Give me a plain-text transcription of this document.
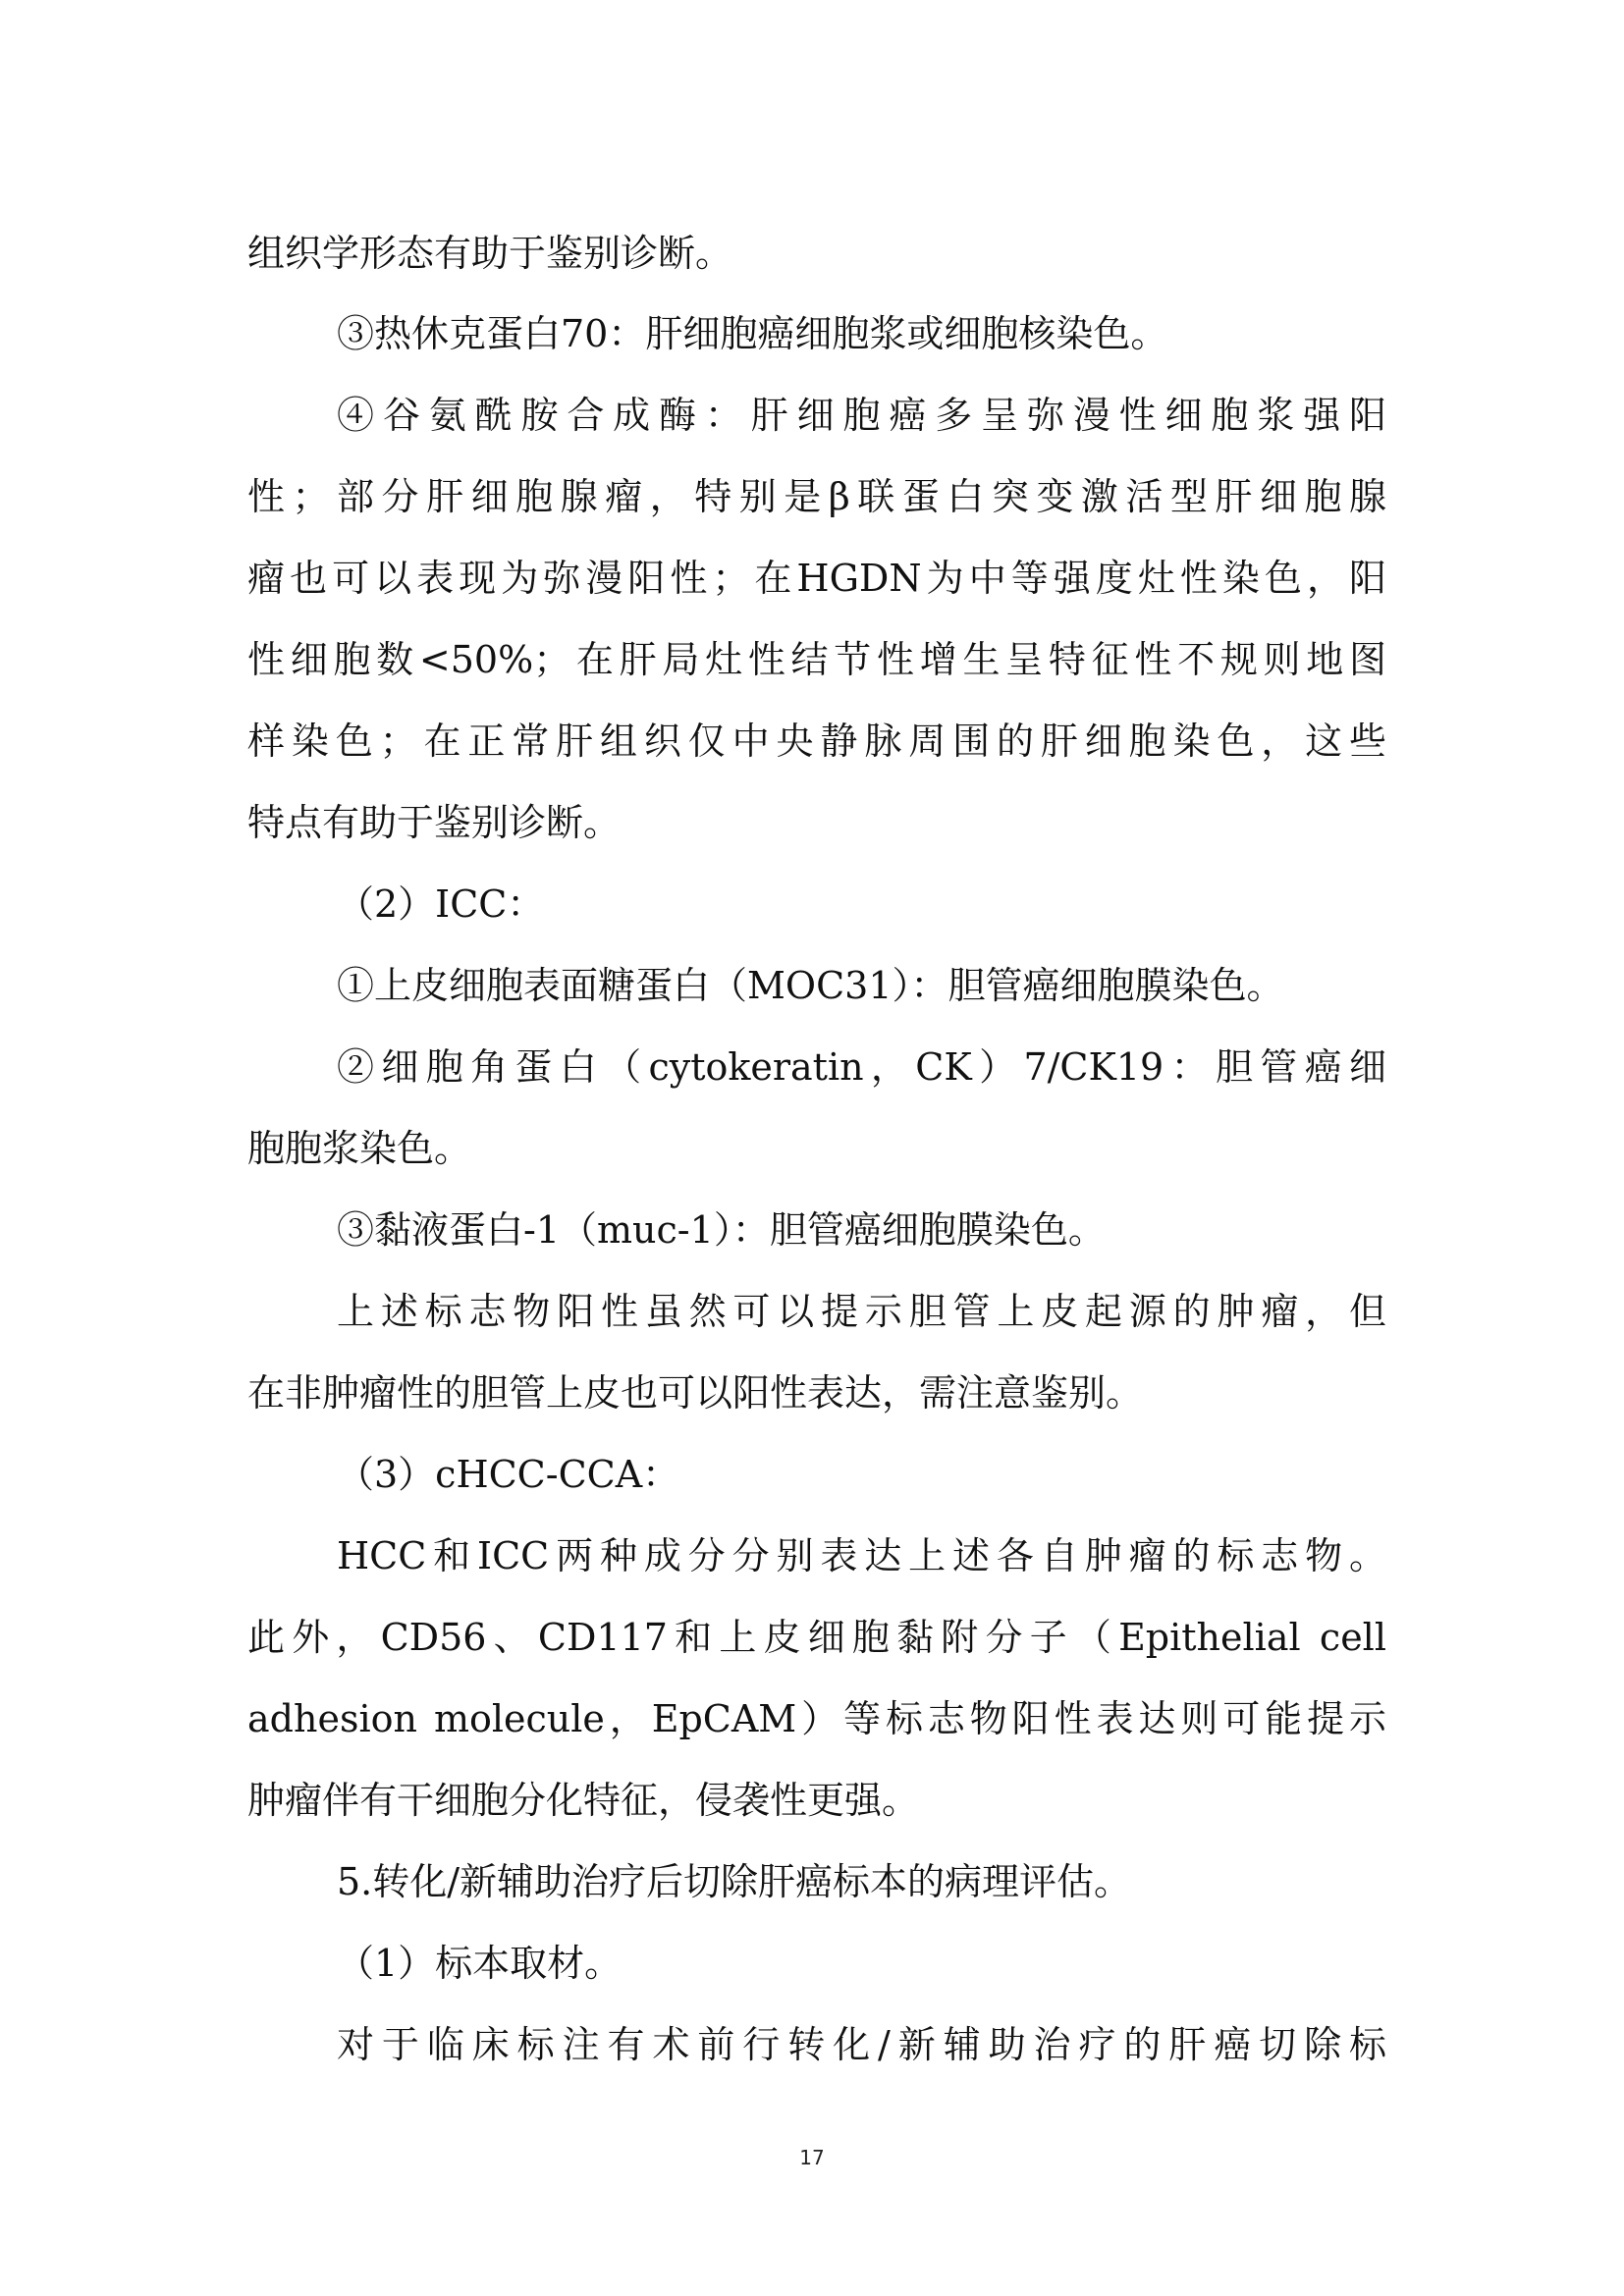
组织学形态有助于鉴别诊断。
③热休克蛋白70：肝细胞癌细胞浆或细胞核染色。
④谷氨酰胺合成酶：肝细胞癌多呈弥漫性细胞浆强阳
性；部分肝细胞腺瘤，特别是β联蛋白突变激活型肝细胞腺
瘤也可以表现为弥漫阳性；在HGDN为中等强度灶性染色，阳
性细胞数<50%；在肝局灶性结节性增生呈特征性不规则地图
样染色；在正常肝组织仅中央静脉周围的肝细胞染色，这些
特点有助于鉴别诊断。
（2）ICC：
①上皮细胞表面糖蛋白（MOC31）：胆管癌细胞膜染色。
②细胞角蛋白（cytokeratin，CK）7/CK19：胆管癌细
胞胞浆染色。
③黏液蛋白-1（muc-1）：胆管癌细胞膜染色。
上述标志物阳性虽然可以提示胆管上皮起源的肿瘤，但
在非肿瘤性的胆管上皮也可以阳性表达，需注意鉴别。
（3）cHCC-CCA：
HCC和ICC两种成分分别表达上述各自肿瘤的标志物。
此外，CD56、CD117和上皮细胞黏附分子（Epithelial cell
adhesion molecule，EpCAM）等标志物阳性表达则可能提示
肿瘤伴有干细胞分化特征，侵袭性更强。
5.转化/新辅助治疗后切除肝癌标本的病理评估。
（1）标本取材。
对于临床标注有术前行转化/新辅助治疗的肝癌切除标
17
